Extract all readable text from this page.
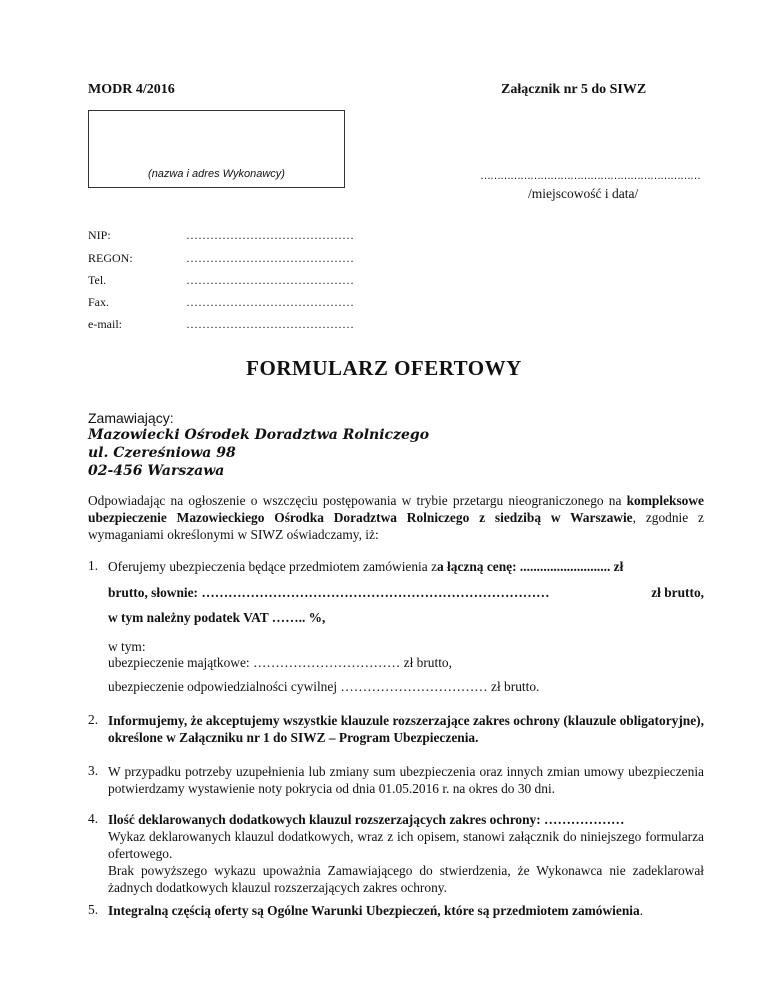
MODR 4/2016	Załącznik nr 5 do SIWZ
(nazwa i adres Wykonawcy)	…………………………………………………………
/miejscowość i data/
NIP:	……………………………………
REGON:	……………………………………
Tel.	……………………………………
Fax.	……………………………………
e-mail:	……………………………………
FORMULARZ OFERTOWY
Zamawiający:
Mazowiecki Ośrodek Doradztwa Rolniczego
ul. Czereśniowa 98
02-456 Warszawa
Odpowiadając na ogłoszenie o wszczęciu postępowania w trybie przetargu nieograniczonego na kompleksowe ubezpieczenie Mazowieckiego Ośrodka Doradztwa Rolniczego z siedzibą w Warszawie, zgodnie z wymaganiami określonymi w SIWZ oświadczamy, iż:
1. Oferujemy ubezpieczenia będące przedmiotem zamówienia za łączną cenę: ........................... zł
brutto, słownie: ……………………………………………………………………	zł brutto,
w tym należny podatek VAT …….. %,
w tym:
ubezpieczenie majątkowe: …………………………… zł brutto,
ubezpieczenie odpowiedzialności cywilnej …………………………… zł brutto.
2. Informujemy, że akceptujemy wszystkie klauzule rozszerzające zakres ochrony (klauzule obligatoryjne), określone w Załączniku nr 1 do SIWZ – Program Ubezpieczenia.
3. W przypadku potrzeby uzupełnienia lub zmiany sum ubezpieczenia oraz innych zmian umowy ubezpieczenia potwierdzamy wystawienie noty pokrycia od dnia 01.05.2016 r. na okres do 30 dni.
4. Ilość deklarowanych dodatkowych klauzul rozszerzających zakres ochrony: ………………
Wykaz deklarowanych klauzul dodatkowych, wraz z ich opisem, stanowi załącznik do niniejszego formularza ofertowego.
Brak powyższego wykazu upoważnia Zamawiającego do stwierdzenia, że Wykonawca nie zadeklarował żadnych dodatkowych klauzul rozszerzających zakres ochrony.
5. Integralną częścią oferty są Ogólne Warunki Ubezpieczeń, które są przedmiotem zamówienia.
